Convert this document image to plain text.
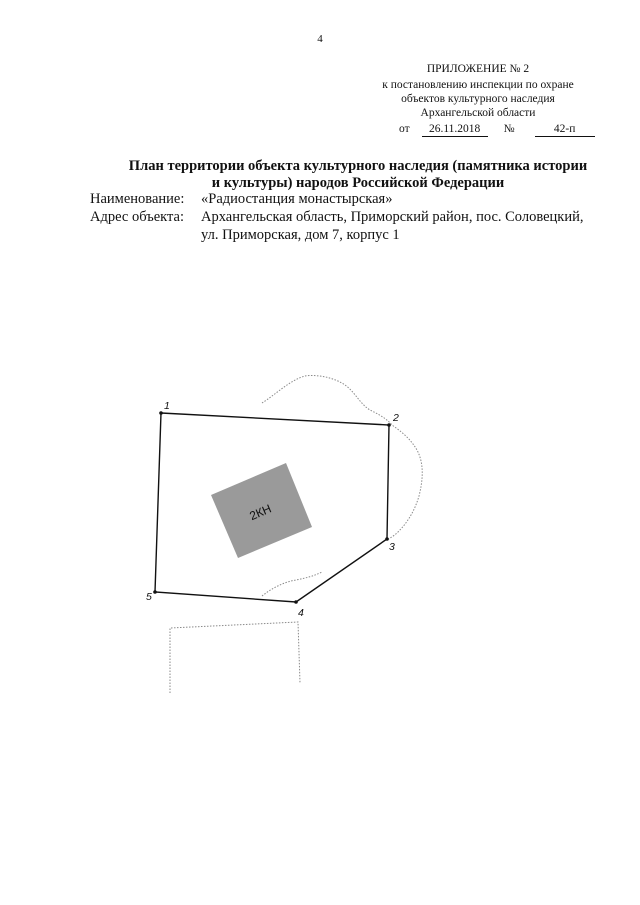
4
ПРИЛОЖЕНИЕ № 2
к постановлению инспекции по охране
объектов культурного наследия
Архангельской области
от 26.11.2018 №	42-п
План территории объекта культурного наследия (памятника истории
и культуры) народов Российской Федерации
Наименование: «Радиостанция монастырская»
Адрес объекта: Архангельская область, Приморский район, пос. Соловецкий,
ул. Приморская, дом 7, корпус 1
2КН
1
2
3
4
5
